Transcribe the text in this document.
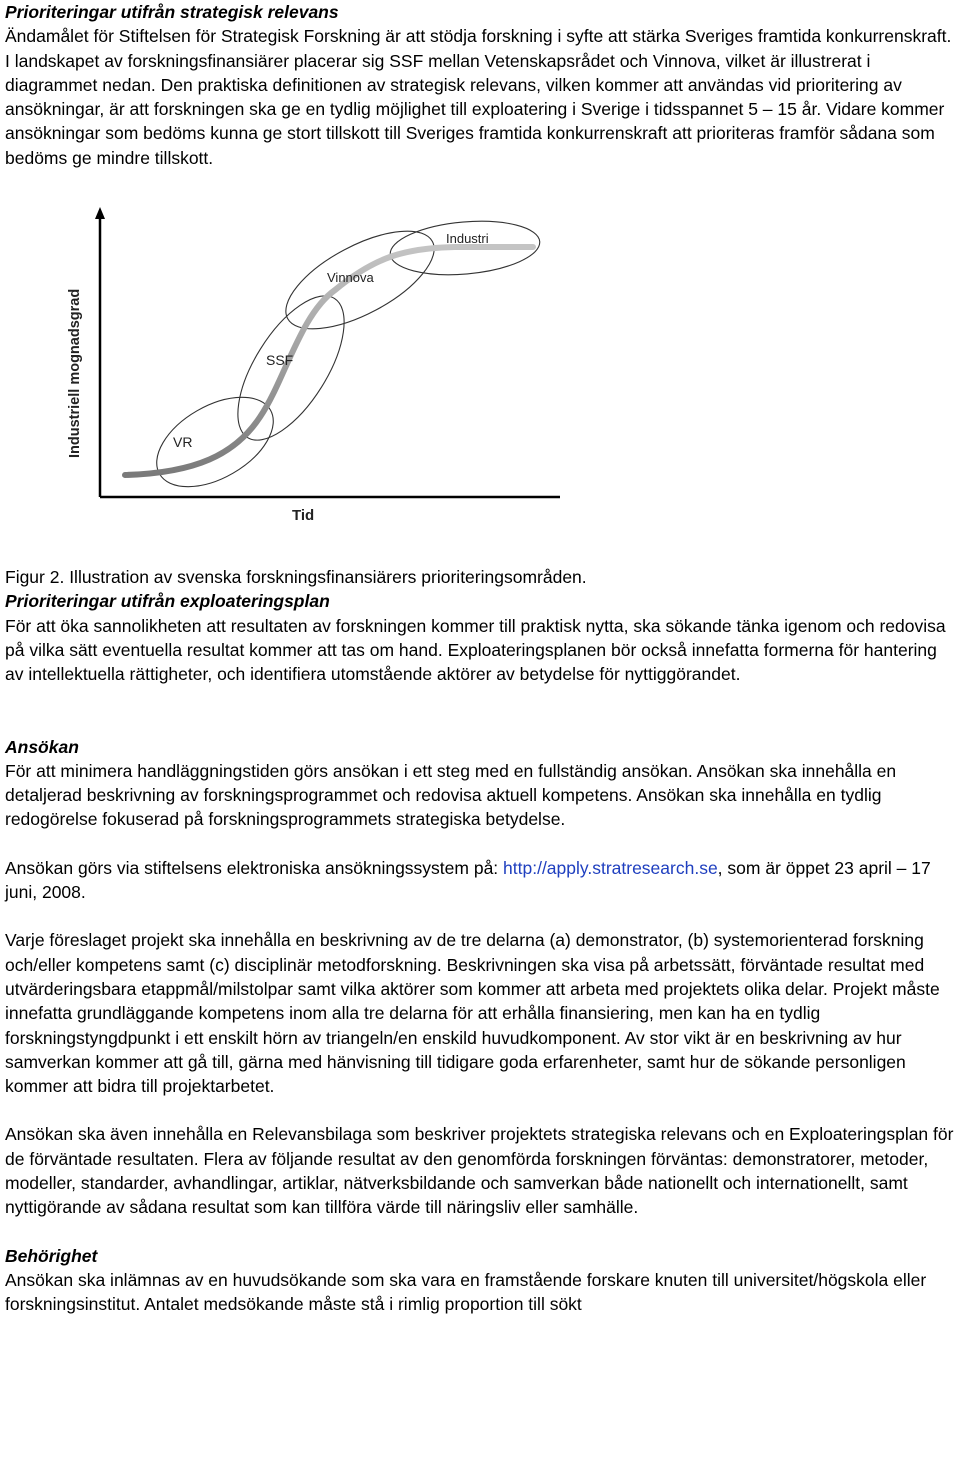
Prioriteringar utifrån strategisk relevans

Ändamålet för Stiftelsen för Strategisk Forskning är att stödja forskning i syfte att stärka Sveriges framtida konkurrenskraft. I landskapet av forskningsfinansiärer placerar sig SSF mellan Vetenskapsrådet och Vinnova, vilket är illustrerat i diagrammet nedan. Den praktiska definitionen av strategisk relevans, vilken kommer att användas vid prioritering av ansökningar, är att forskningen ska ge en tydlig möjlighet till exploatering i Sverige i tidsspannet 5 – 15 år. Vidare kommer ansökningar som bedöms kunna ge stort tillskott till Sveriges framtida konkurrenskraft att prioriteras framför sådana som bedöms ge mindre tillskott.

VR
SSF
Vinnova
Industri
Industriell mognadsgrad
Tid

Figur 2. Illustration av svenska forskningsfinansiärers prioriteringsområden.

Prioriteringar utifrån exploateringsplan

För att öka sannolikheten att resultaten av forskningen kommer till praktisk nytta, ska sökande tänka igenom och redovisa på vilka sätt eventuella resultat kommer att tas om hand. Exploateringsplanen bör också innefatta formerna för hantering av intellektuella rättigheter, och identifiera utomstående aktörer av betydelse för nyttiggörandet.

Ansökan

För att minimera handläggningstiden görs ansökan i ett steg med en fullständig ansökan. Ansökan ska innehålla en detaljerad beskrivning av forskningsprogrammet och redovisa aktuell kompetens. Ansökan ska innehålla en tydlig redogörelse fokuserad på forskningsprogrammets strategiska betydelse.

Ansökan görs via stiftelsens elektroniska ansökningssystem på: http://apply.stratresearch.se, som är öppet 23 april – 17 juni, 2008.

Varje föreslaget projekt ska innehålla en beskrivning av de tre delarna (a) demonstrator, (b) systemorienterad forskning och/eller kompetens samt (c) disciplinär metodforskning. Beskrivningen ska visa på arbetssätt, förväntade resultat med utvärderingsbara etappmål/milstolpar samt vilka aktörer som kommer att arbeta med projektets olika delar. Projekt måste innefatta grundläggande kompetens inom alla tre delarna för att erhålla finansiering, men kan ha en tydlig forskningstyngdpunkt i ett enskilt hörn av triangeln/en enskild huvudkomponent. Av stor vikt är en beskrivning av hur samverkan kommer att gå till, gärna med hänvisning till tidigare goda erfarenheter, samt hur de sökande personligen kommer att bidra till projektarbetet.

Ansökan ska även innehålla en Relevansbilaga som beskriver projektets strategiska relevans och en Exploateringsplan för de förväntade resultaten. Flera av följande resultat av den genomförda forskningen förväntas: demonstratorer, metoder, modeller, standarder, avhandlingar, artiklar, nätverksbildande och samverkan både nationellt och internationellt, samt nyttigörande av sådana resultat som kan tillföra värde till näringsliv eller samhälle.

Behörighet

Ansökan ska inlämnas av en huvudsökande som ska vara en framstående forskare knuten till universitet/högskola eller forskningsinstitut. Antalet medsökande måste stå i rimlig proportion till sökt
